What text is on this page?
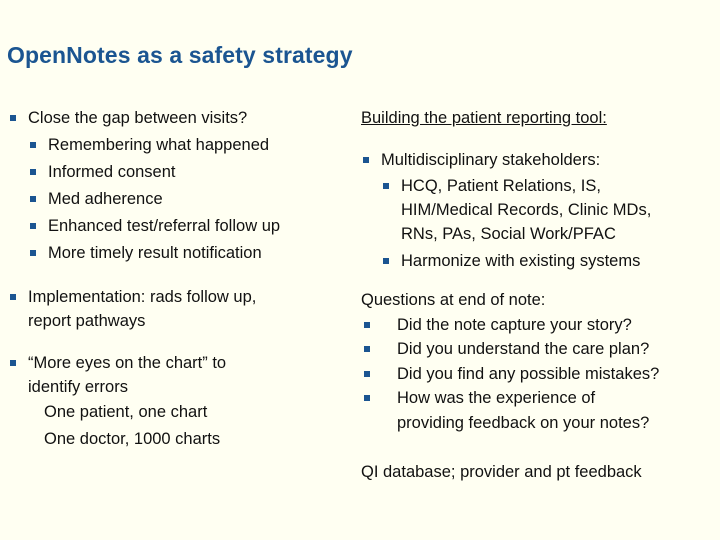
OpenNotes as a safety strategy
Close the gap between visits?
Remembering what happened
Informed consent
Med adherence
Enhanced test/referral follow up
More timely result notification
Implementation: rads follow up,
report pathways
“More eyes on the chart” to
identify errors
One patient, one chart
One doctor, 1000 charts
Building the patient reporting tool:
Multidisciplinary stakeholders:
HCQ, Patient Relations, IS,
HIM/Medical Records, Clinic MDs,
RNs, PAs, Social Work/PFAC
Harmonize with existing systems
Questions at end of note:
Did the note capture your story?
Did you understand the care plan?
Did you find any possible mistakes?
How was the experience of
providing feedback on your notes?
QI database; provider and pt feedback
